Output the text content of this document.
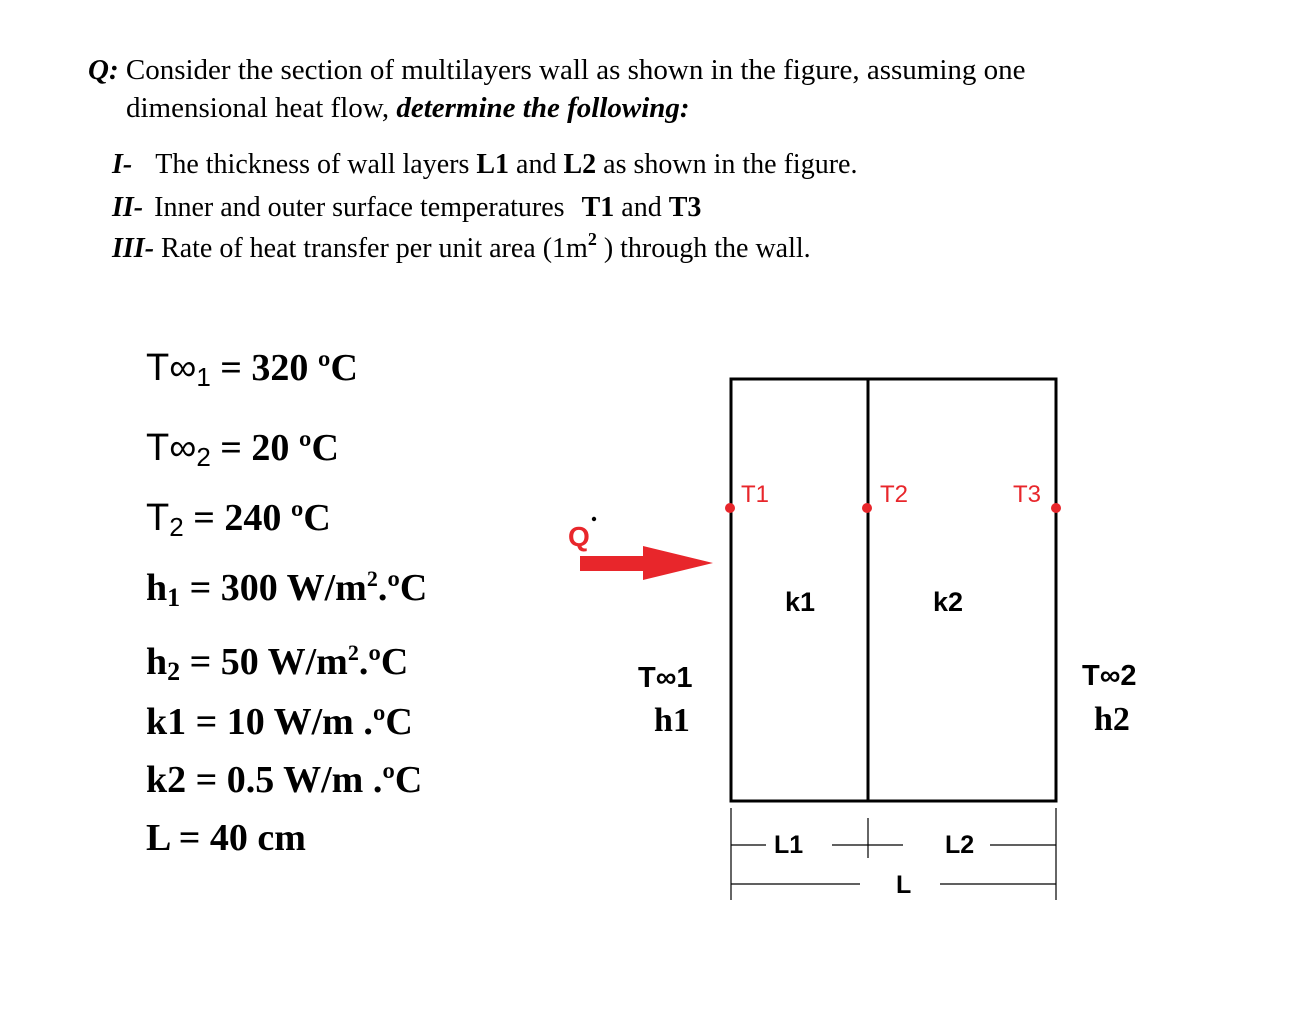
Q: Consider the section of multilayers wall as shown in the figure, assuming one
dimensional heat flow, determine the following:
I- The thickness of wall layers L1 and L2 as shown in the figure.
II- Inner and outer surface temperatures T1 and T3
III- Rate of heat transfer per unit area ($1m^2$ ) through the wall.
T∞1 = 320 ºC
T∞2 = 20 ºC
T2 = 240 ºC
h1 = 300 $W/m^2.ºC$
h2 = 50 $W/m^2.ºC$
k1 = 10 W/m .ºC
k2 = 0.5 W/m .ºC
L = 40 cm
Q
T1	T2	T3
k1	k2
T∞1
h1
T∞2
h2
L1	L2
L
